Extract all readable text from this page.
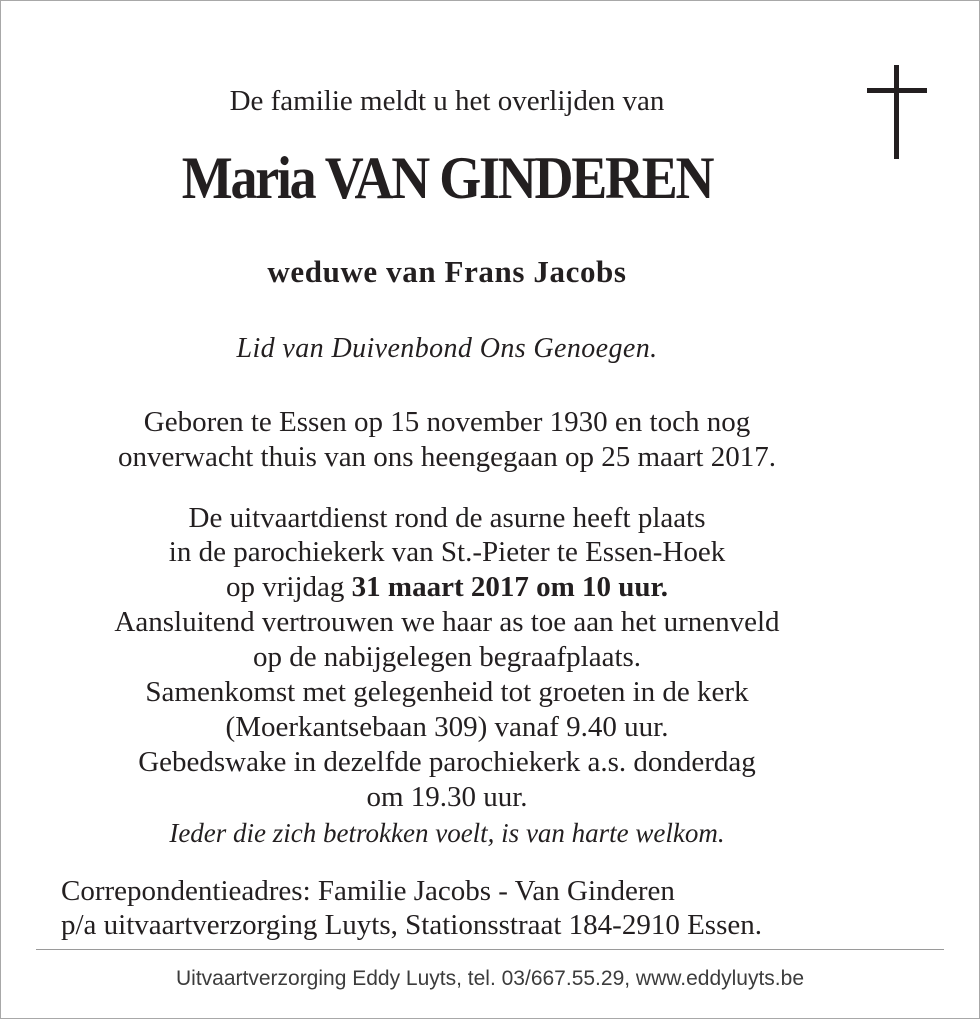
De familie meldt u het overlijden van
Maria VAN GINDEREN
weduwe van Frans Jacobs
Lid van Duivenbond Ons Genoegen.
Geboren te Essen op 15 november 1930 en toch nog
onverwacht thuis van ons heengegaan op 25 maart 2017.
De uitvaartdienst rond de asurne heeft plaats
in de parochiekerk van St.-Pieter te Essen-Hoek
op vrijdag 31 maart 2017 om 10 uur.
Aansluitend vertrouwen we haar as toe aan het urnenveld
op de nabijgelegen begraafplaats.
Samenkomst met gelegenheid tot groeten in de kerk
(Moerkantsebaan 309) vanaf 9.40 uur.
Gebedswake in dezelfde parochiekerk a.s. donderdag
om 19.30 uur.
Ieder die zich betrokken voelt, is van harte welkom.
Correpondentieadres: Familie Jacobs - Van Ginderen
p/a uitvaartverzorging Luyts, Stationsstraat 184-2910 Essen.
Uitvaartverzorging Eddy Luyts, tel. 03/667.55.29, www.eddyluyts.be
